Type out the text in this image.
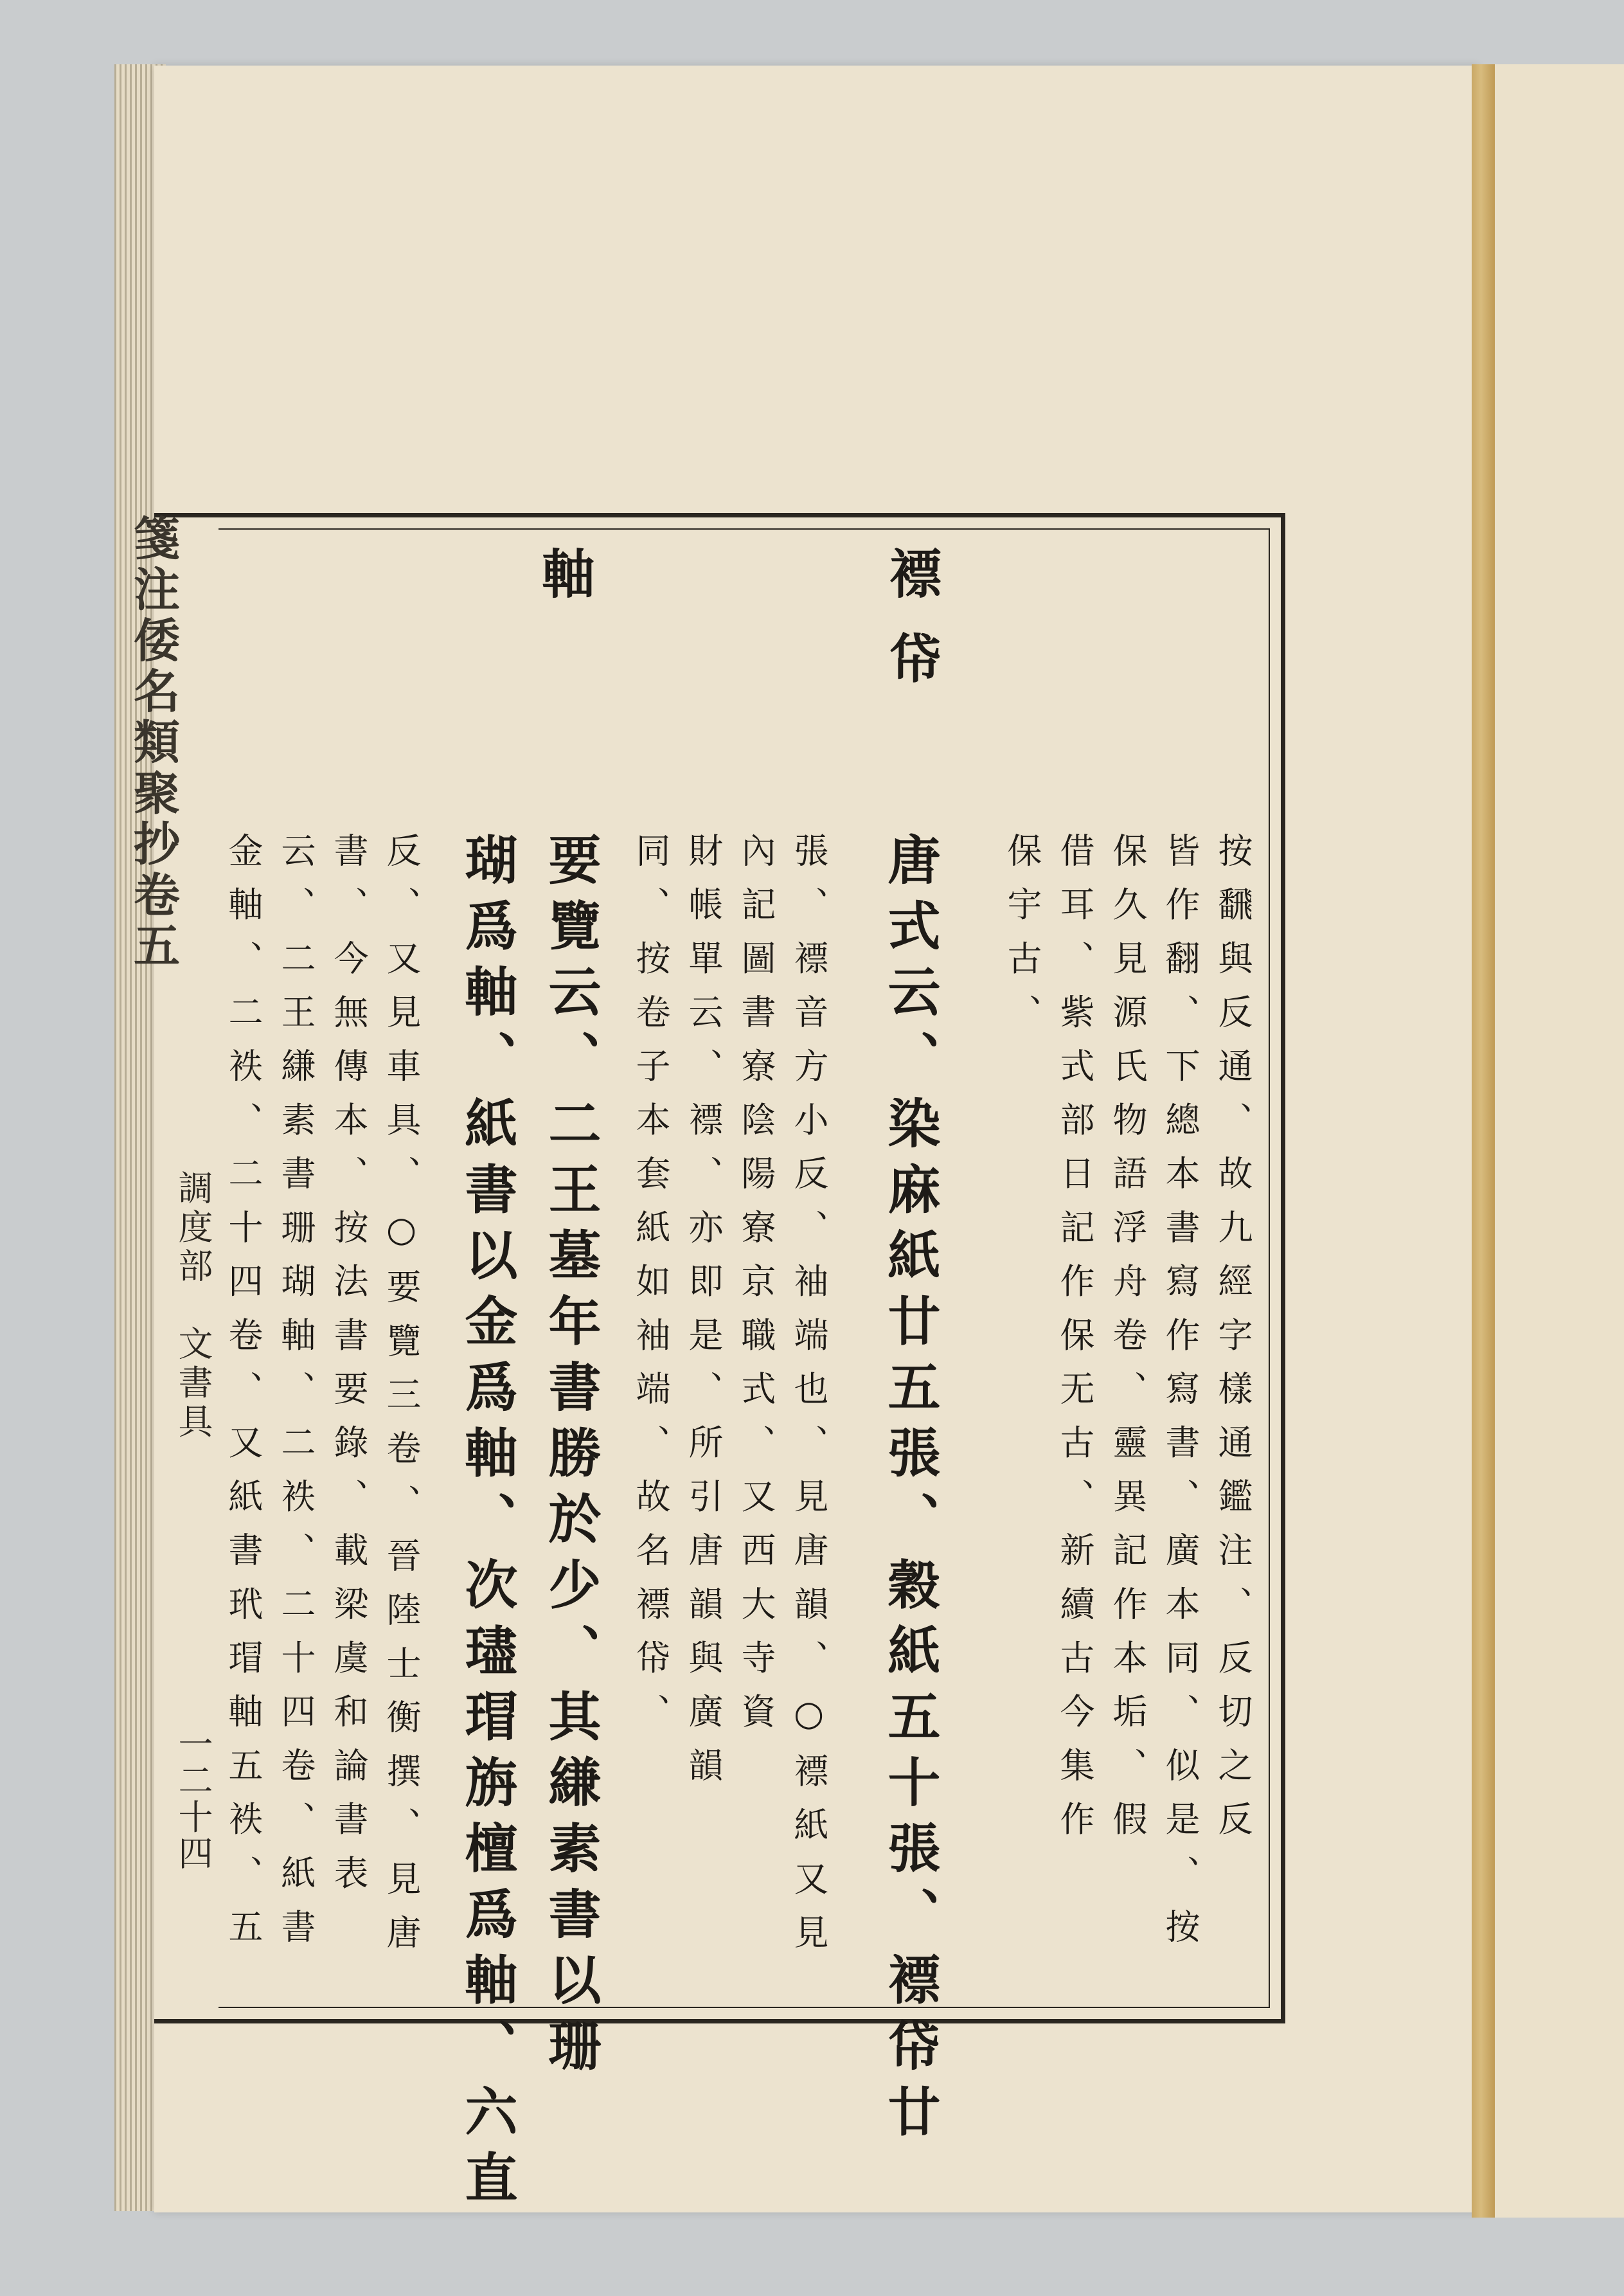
箋注倭名類聚抄卷五
調度部　文書具
一二十四
褾帒
軸
按飜與反通、故九經字樣通鑑注、反切之反
皆作翻、下總本書寫作寫書、廣本同、似是、按
保久見源氏物語浮舟卷、靈異記作本垢、假
借耳、紫式部日記作保无古、新續古今集作
保宇古、
唐式云、染麻紙廿五張、穀紙五十張、褾帒廿
張、褾音方小反、袖端也、見唐韻、○褾紙又見
內記圖書寮陰陽寮京職式、又西大寺資
財帳單云、褾、亦即是、所引唐韻與廣韻
同、按卷子本套紙如袖端、故名褾帒、
要覽云、二王墓年書勝於少、其縑素書以珊
瑚爲軸、紙書以金爲軸、次璶瑁旃檀爲軸、六直
反、又見車具、○要覽三卷、晉陸士衡撰、見唐
書、今無傳本、按法書要錄、載梁虞和論書表
云、二王縑素書珊瑚軸、二袟、二十四卷、紙書
金軸、二袟、二十四卷、又紙書玳瑁軸五袟、五
